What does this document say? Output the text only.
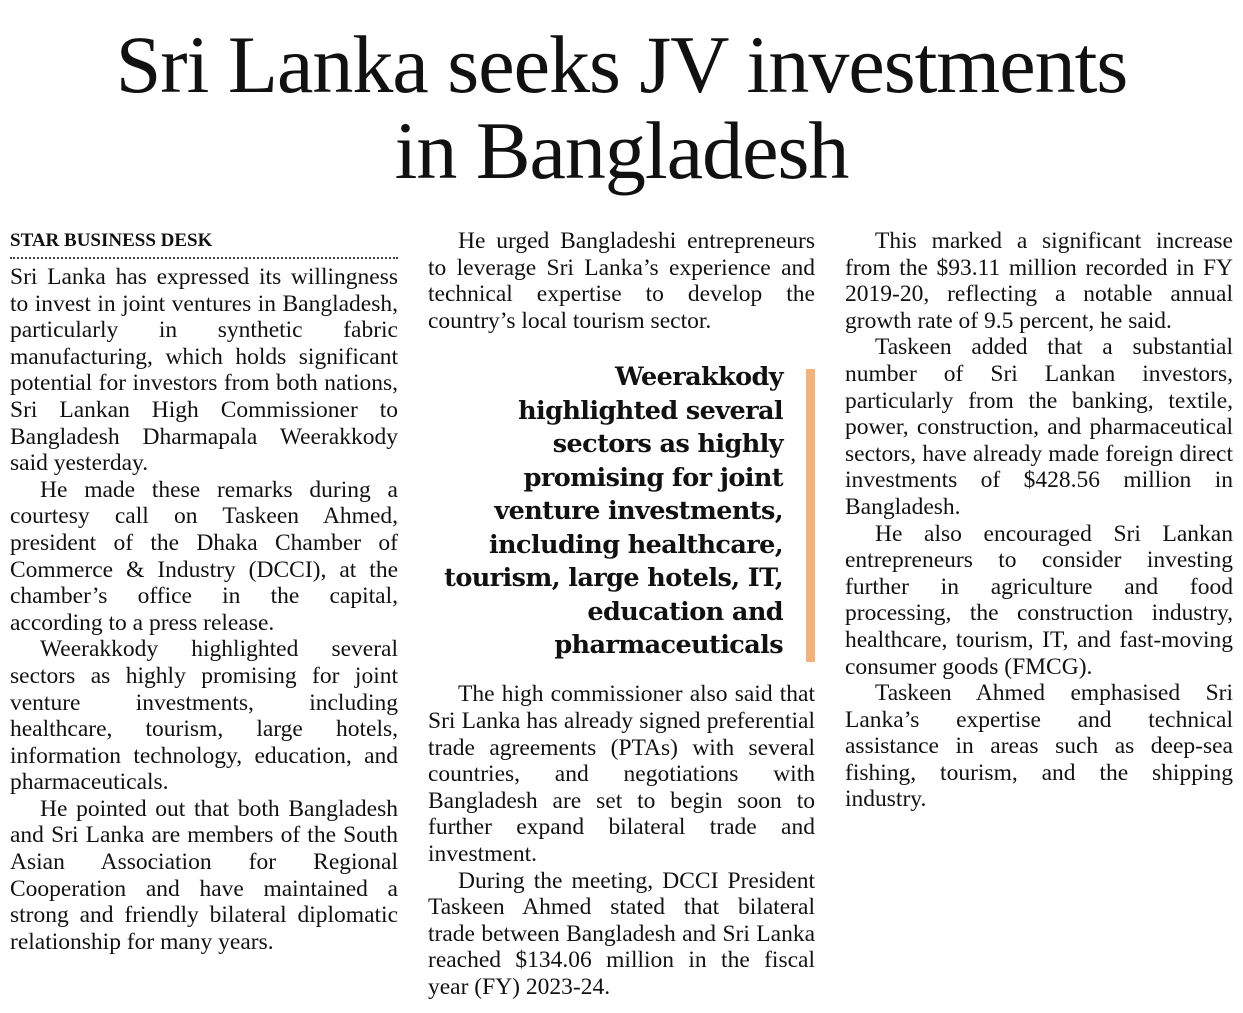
Sri Lanka seeks JV investments
in Bangladesh
STAR BUSINESS DESK

Sri Lanka has expressed its willingness to invest in joint ventures in Bangladesh, particularly in synthetic fabric manufacturing, which holds significant potential for investors from both nations, Sri Lankan High Commissioner to Bangladesh Dharmapala Weerakkody said yesterday.

He made these remarks during a courtesy call on Taskeen Ahmed, president of the Dhaka Chamber of Commerce & Industry (DCCI), at the chamber’s office in the capital, according to a press release.

Weerakkody highlighted several sectors as highly promising for joint venture investments, including healthcare, tourism, large hotels, information technology, education, and pharmaceuticals.

He pointed out that both Bangladesh and Sri Lanka are members of the South Asian Association for Regional Cooperation and have maintained a strong and friendly bilateral diplomatic relationship for many years.

He urged Bangladeshi entrepreneurs to leverage Sri Lanka’s experience and technical expertise to develop the country’s local tourism sector.

Weerakkody highlighted several sectors as highly promising for joint venture investments, including healthcare, tourism, large hotels, IT, education and pharmaceuticals

The high commissioner also said that Sri Lanka has already signed preferential trade agreements (PTAs) with several countries, and negotiations with Bangladesh are set to begin soon to further expand bilateral trade and investment.

During the meeting, DCCI President Taskeen Ahmed stated that bilateral trade between Bangladesh and Sri Lanka reached $134.06 million in the fiscal year (FY) 2023-24.

This marked a significant increase from the $93.11 million recorded in FY 2019-20, reflecting a notable annual growth rate of 9.5 percent, he said.

Taskeen added that a substantial number of Sri Lankan investors, particularly from the banking, textile, power, construction, and pharmaceutical sectors, have already made foreign direct investments of $428.56 million in Bangladesh.

He also encouraged Sri Lankan entrepreneurs to consider investing further in agriculture and food processing, the construction industry, healthcare, tourism, IT, and fast-moving consumer goods (FMCG).

Taskeen Ahmed emphasised Sri Lanka’s expertise and technical assistance in areas such as deep-sea fishing, tourism, and the shipping industry.
